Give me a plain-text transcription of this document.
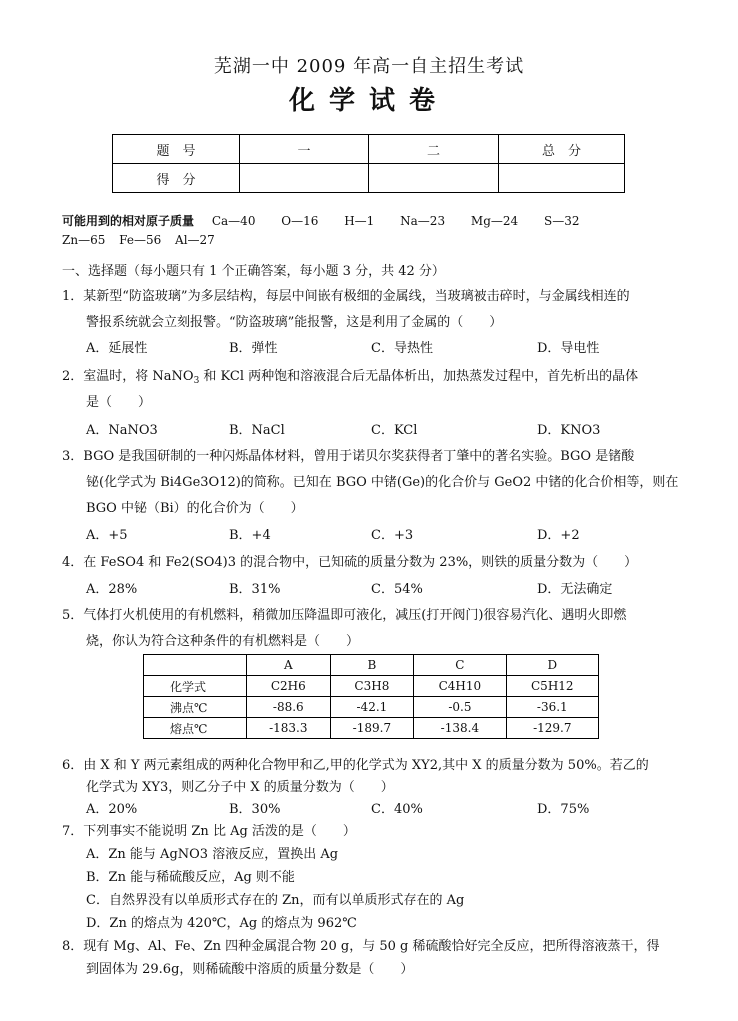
芜湖一中 2009 年高一自主招生考试
化学试卷
题　号	一	二	总　分
得　分			
可能用到的相对原子质量 Ca—40 O—16 H—1 Na—23 Mg—24 S—32
Zn—65 Fe—56 Al—27
一、选择题（每小题只有 1 个正确答案，每小题 3 分，共 42 分）
1．某新型“防盗玻璃”为多层结构，每层中间嵌有极细的金属线，当玻璃被击碎时，与金属线相连的
警报系统就会立刻报警。“防盗玻璃”能报警，这是利用了金属的（　　）
A．延展性	B．弹性	C．导热性	D．导电性
2．室温时，将 NaNO$_3$ 和 KCl 两种饱和溶液混合后无晶体析出，加热蒸发过程中，首先析出的晶体
是（　　）
A．NaNO3	B．NaCl	C．KCl	D．KNO3
3．BGO 是我国研制的一种闪烁晶体材料，曾用于诺贝尔奖获得者丁肇中的著名实验。BGO 是锗酸
铋(化学式为 Bi4Ge3O12)的简称。已知在 BGO 中锗(Ge)的化合价与 GeO2 中锗的化合价相等，则在
BGO 中铋（Bi）的化合价为（　　）
A．+5	B．+4	C．+3	D．+2
4．在 FeSO4 和 Fe2(SO4)3 的混合物中，已知硫的质量分数为 23%，则铁的质量分数为（　　）
A．28%	B．31%	C．54%	D．无法确定
5．气体打火机使用的有机燃料，稍微加压降温即可液化，减压(打开阀门)很容易汽化、遇明火即燃
烧，你认为符合这种条件的有机燃料是（　　）
	A	B	C	D
化学式	C2H6	C3H8	C4H10	C5H12
沸点℃	-88.6	-42.1	-0.5	-36.1
熔点℃	-183.3	-189.7	-138.4	-129.7
6．由 X 和 Y 两元素组成的两种化合物甲和乙,甲的化学式为 XY2,其中 X 的质量分数为 50%。若乙的
化学式为 XY3，则乙分子中 X 的质量分数为（　　）
A．20%	B．30%	C．40%	D．75%
7．下列事实不能说明 Zn 比 Ag 活泼的是（　　）
A．Zn 能与 AgNO3 溶液反应，置换出 Ag
B．Zn 能与稀硫酸反应，Ag 则不能
C．自然界没有以单质形式存在的 Zn，而有以单质形式存在的 Ag
D．Zn 的熔点为 420℃，Ag 的熔点为 962℃
8．现有 Mg、Al、Fe、Zn 四种金属混合物 20 g，与 50 g 稀硫酸恰好完全反应，把所得溶液蒸干，得
到固体为 29.6g，则稀硫酸中溶质的质量分数是（　　）
